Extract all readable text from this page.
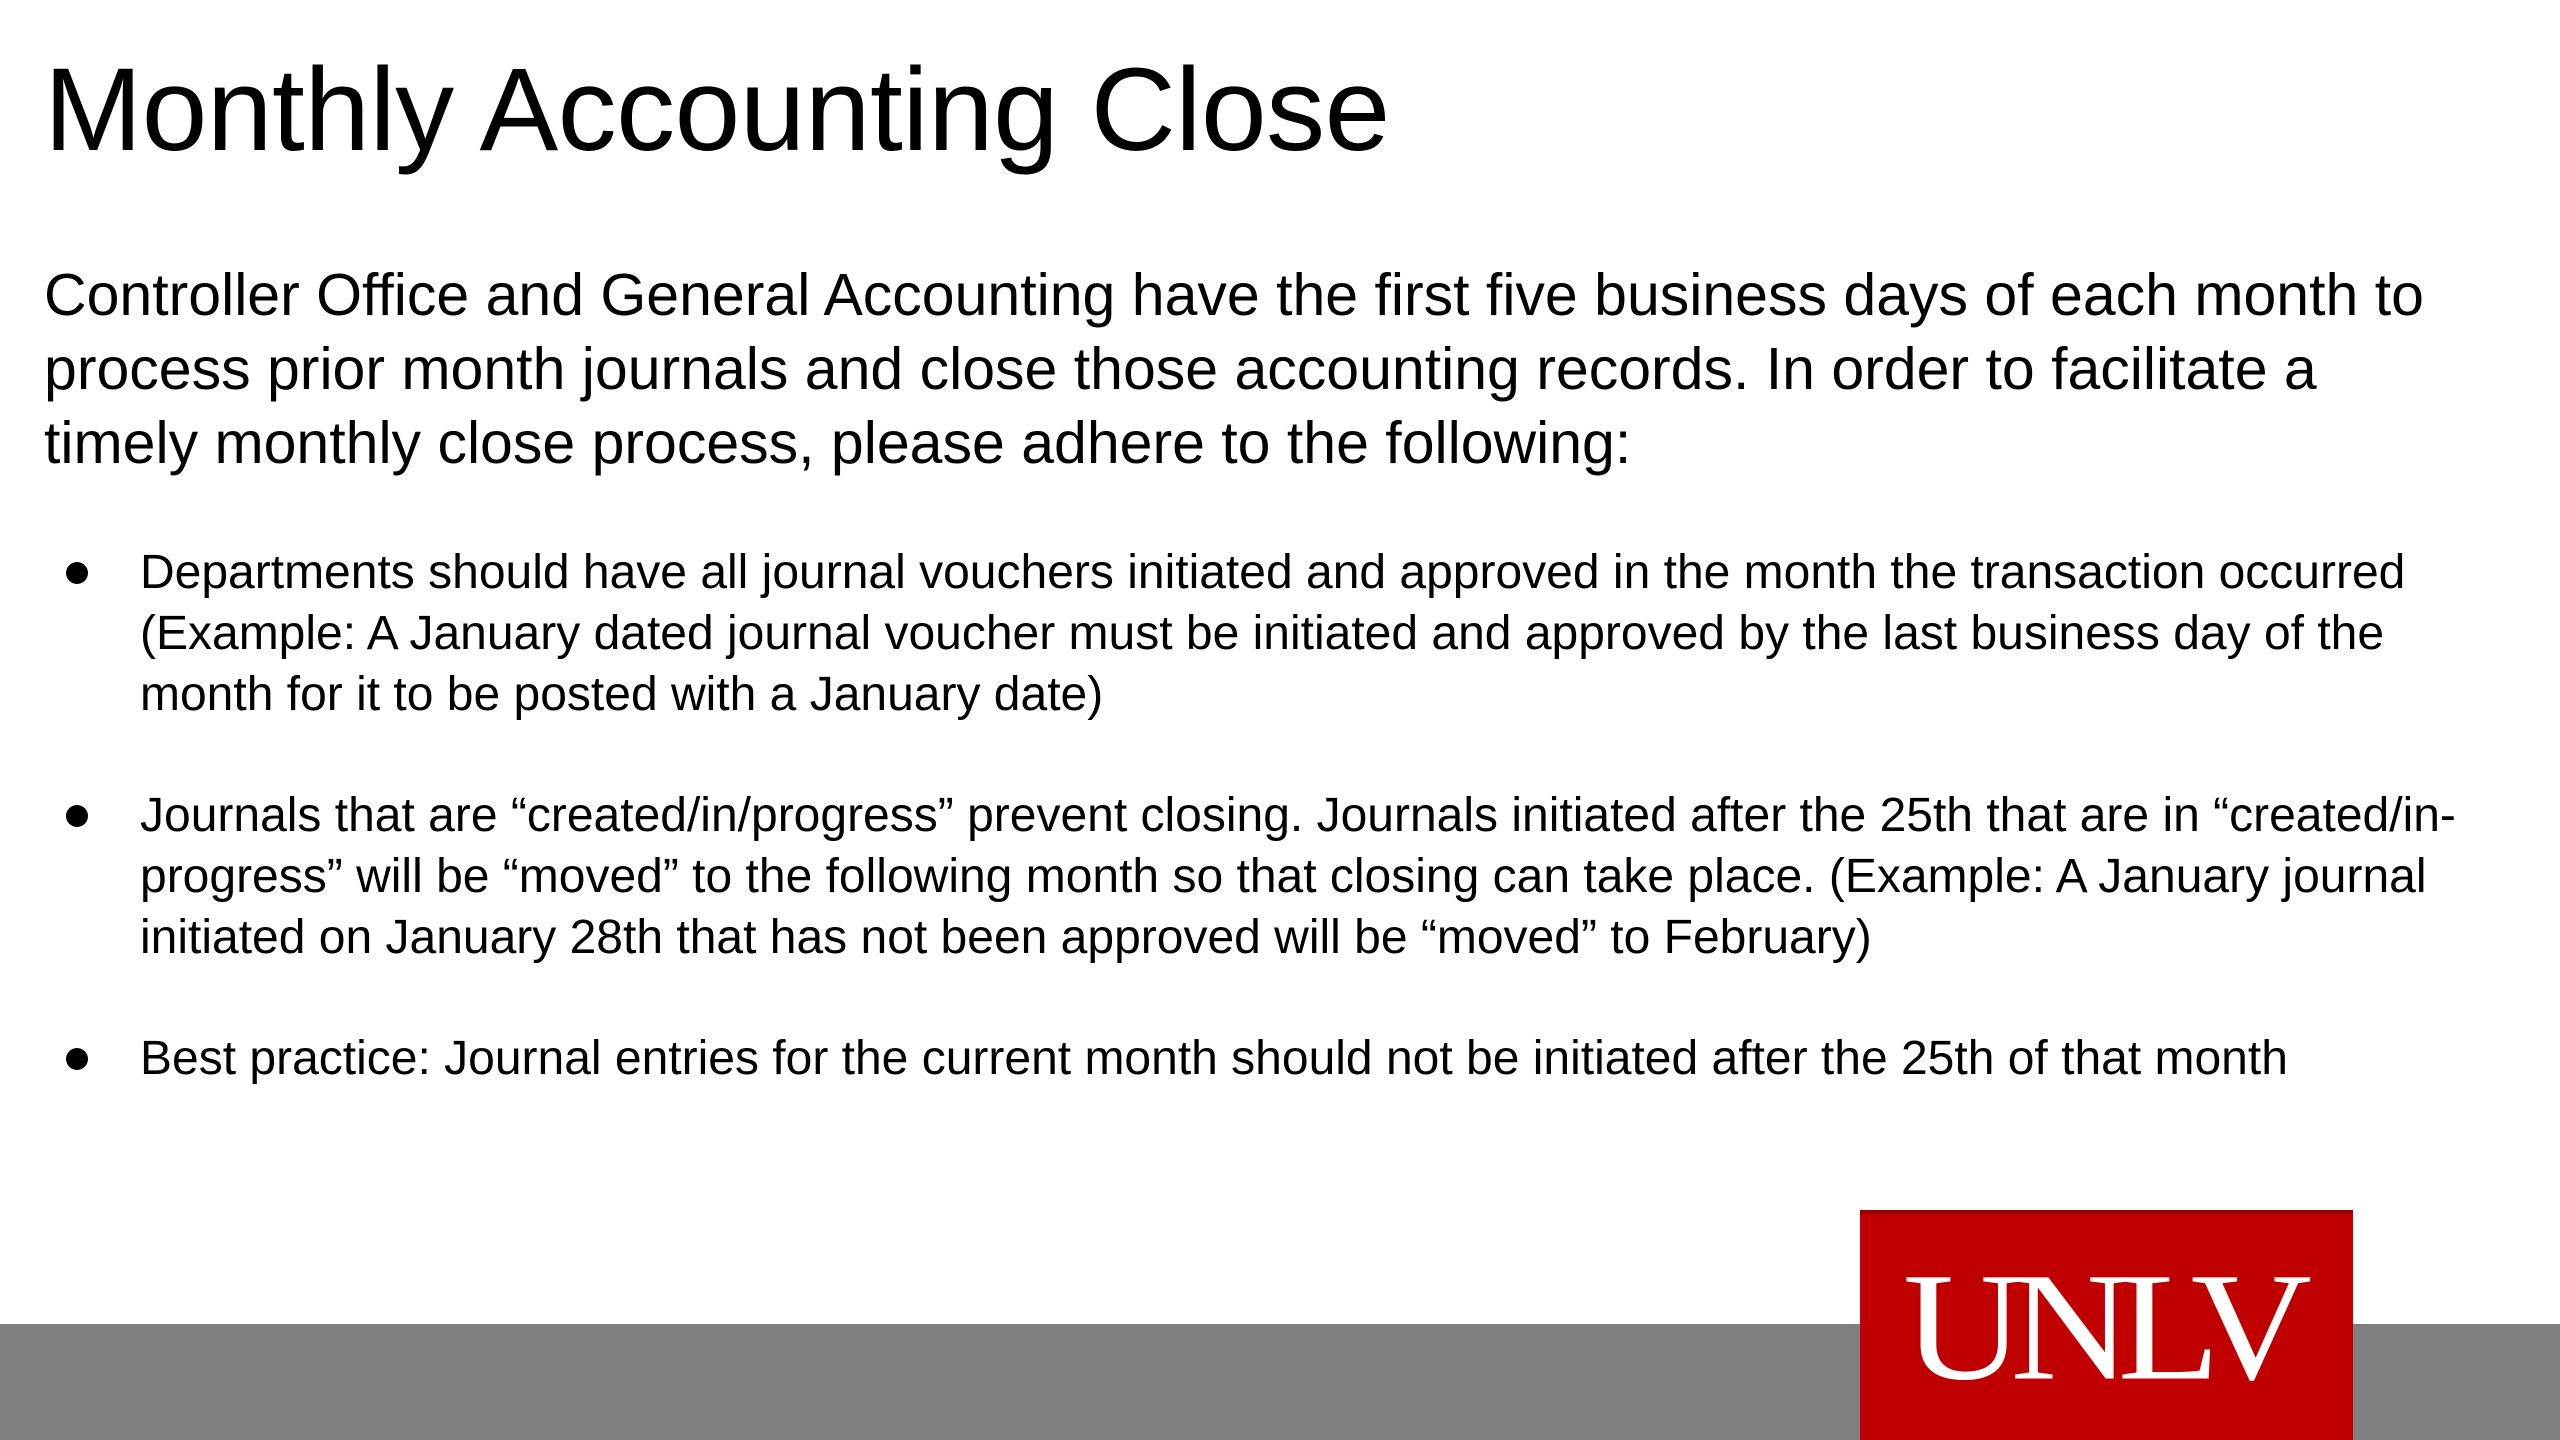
Monthly Accounting Close

Controller Office and General Accounting have the first five business days of each month to process prior month journals and close those accounting records. In order to facilitate a timely monthly close process, please adhere to the following:

Departments should have all journal vouchers initiated and approved in the month the transaction occurred (Example: A January dated journal voucher must be initiated and approved by the last business day of the month for it to be posted with a January date)
Journals that are “created/in/progress” prevent closing. Journals initiated after the 25th that are in “created/in-progress” will be “moved” to the following month so that closing can take place. (Example: A January journal initiated on January 28th that has not been approved will be “moved” to February)
Best practice: Journal entries for the current month should not be initiated after the 25th of that month
UNLV
